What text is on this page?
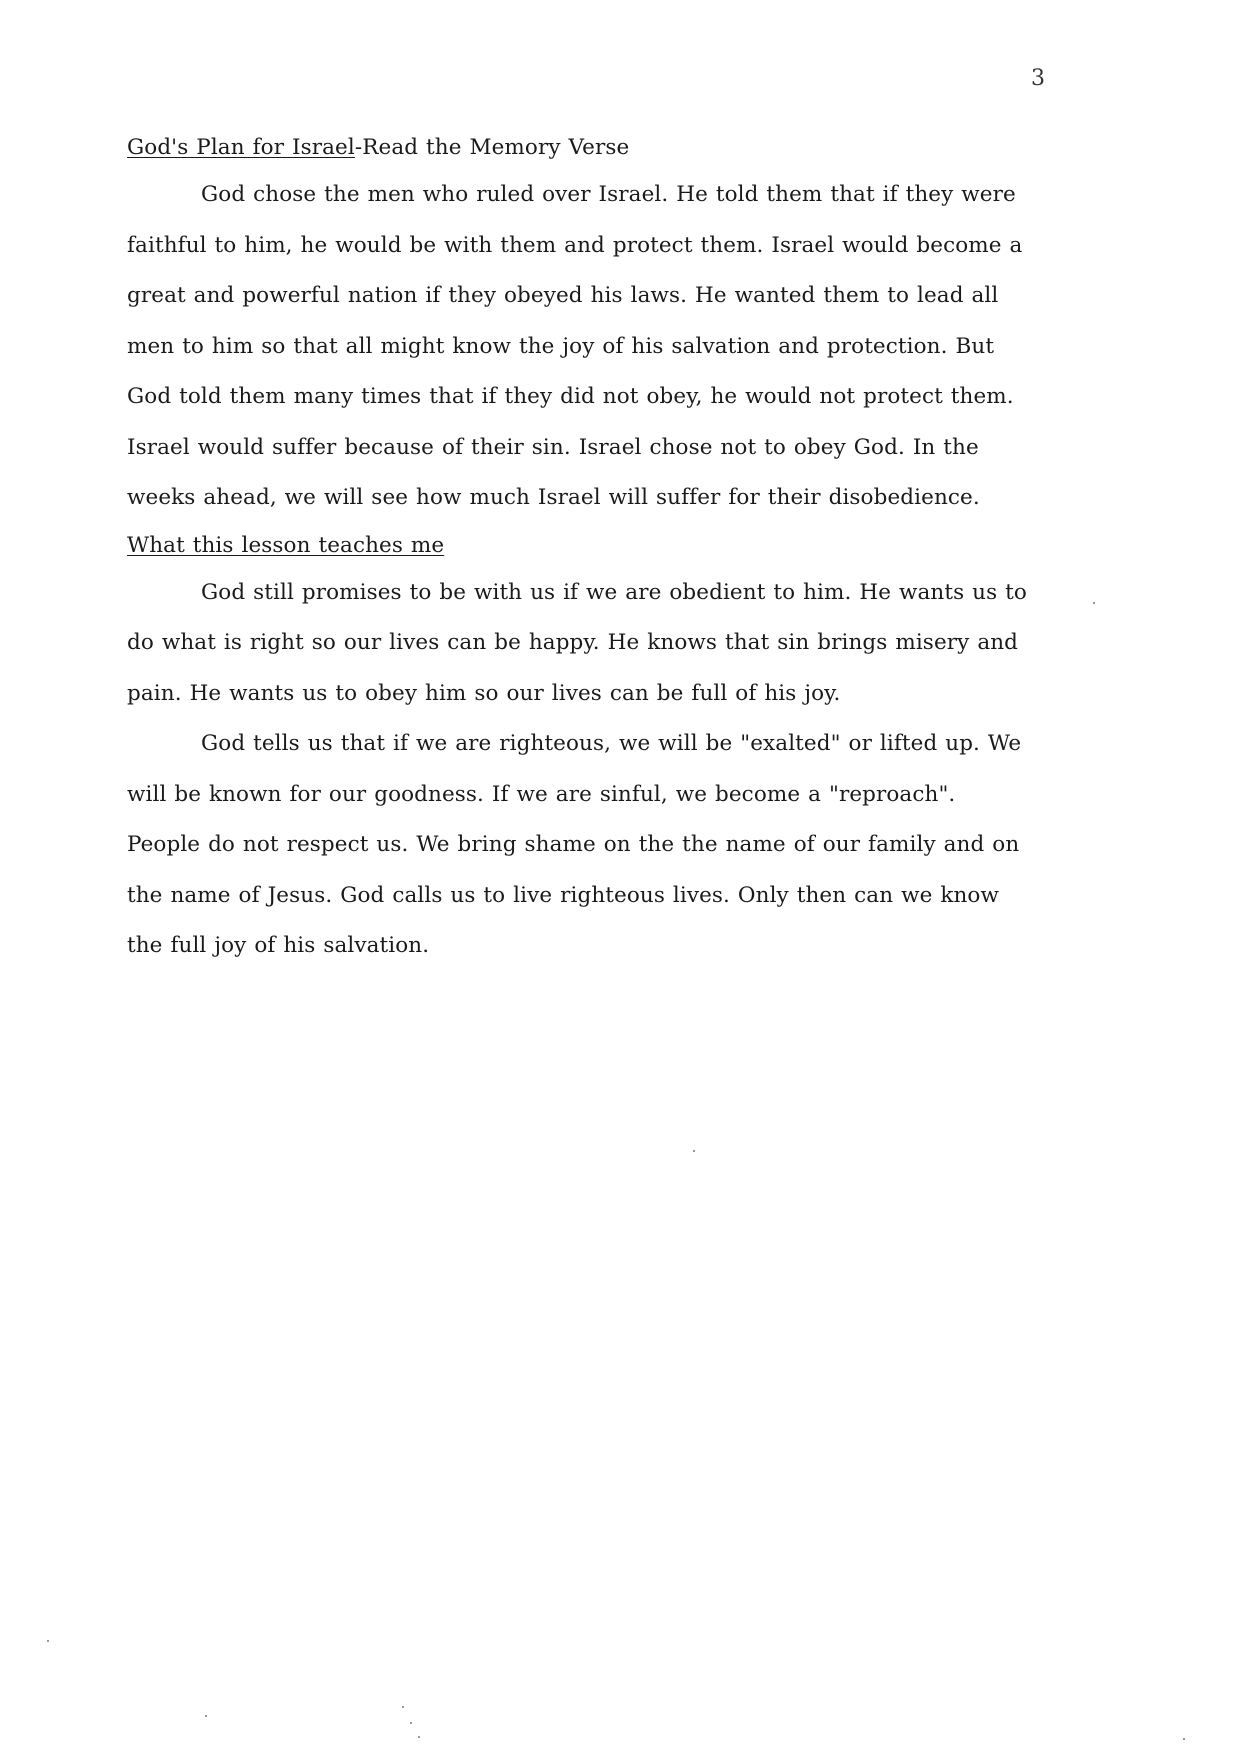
3
God's Plan for Israel-Read the Memory Verse

God chose the men who ruled over Israel. He told them that if they were faithful to him, he would be with them and protect them. Israel would become a great and powerful nation if they obeyed his laws. He wanted them to lead all men to him so that all might know the joy of his salvation and protection. But God told them many times that if they did not obey, he would not protect them. Israel would suffer because of their sin. Israel chose not to obey God. In the weeks ahead, we will see how much Israel will suffer for their disobedience.

What this lesson teaches me

God still promises to be with us if we are obedient to him. He wants us to do what is right so our lives can be happy. He knows that sin brings misery and pain. He wants us to obey him so our lives can be full of his joy.

God tells us that if we are righteous, we will be "exalted" or lifted up. We will be known for our goodness. If we are sinful, we become a "reproach". People do not respect us. We bring shame on the the name of our family and on the name of Jesus. God calls us to live righteous lives. Only then can we know the full joy of his salvation.
